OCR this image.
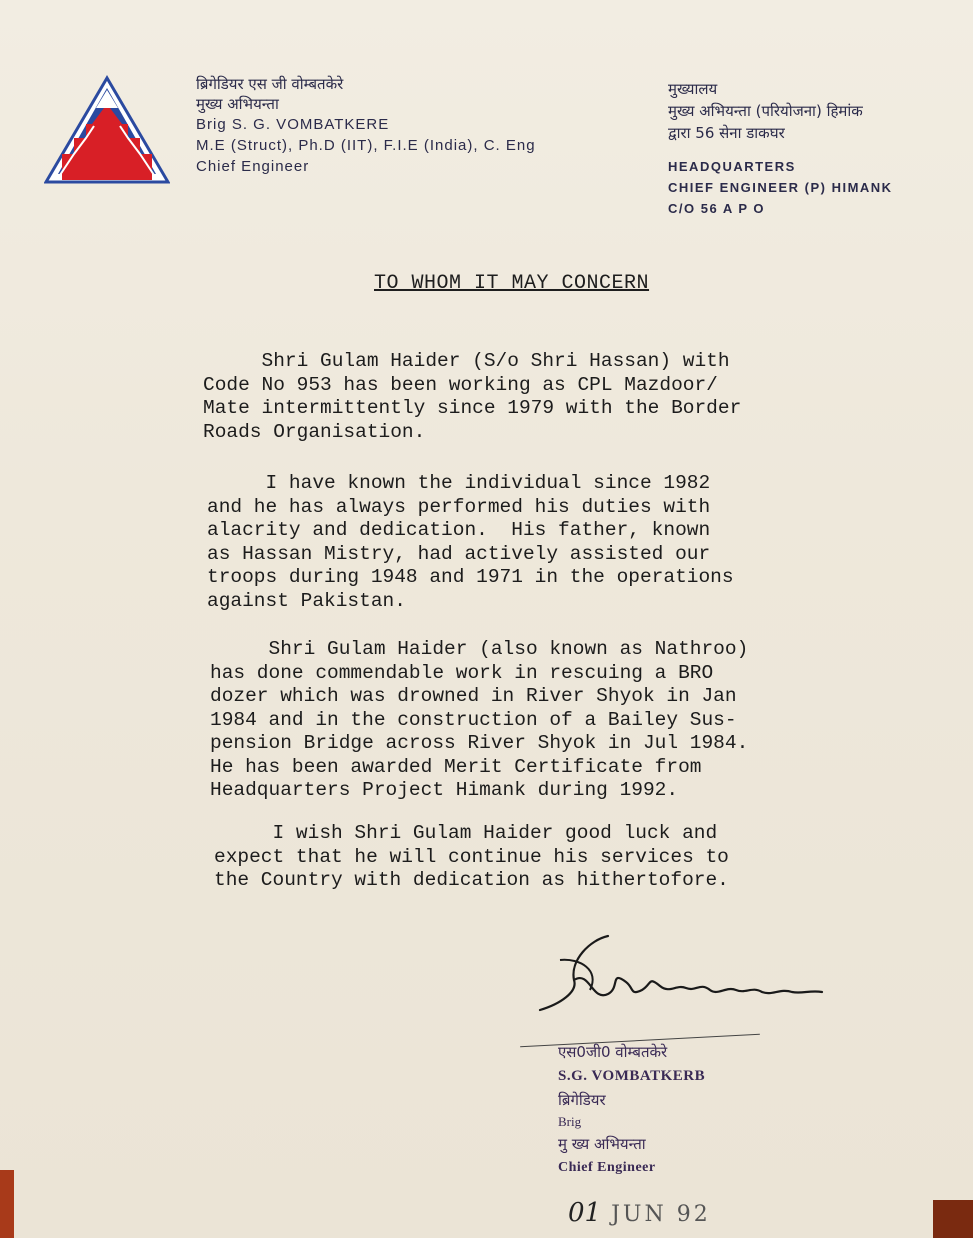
ब्रिगेडियर एस जी वोम्बतकेरे
मुख्य अभियन्ता
Brig S. G. VOMBATKERE
M.E (Struct), Ph.D (IIT), F.I.E (India), C. Eng
Chief Engineer
मुख्यालय
मुख्य अभियन्ता (परियोजना) हिमांक
द्वारा 56 सेना डाकघर
HEADQUARTERS
CHIEF ENGINEER (P) HIMANK
C/O 56 A P O
TO WHOM IT MAY CONCERN
Shri Gulam Haider (S/o Shri Hassan) with
Code No 953 has been working as CPL Mazdoor/
Mate intermittently since 1979 with the Border
Roads Organisation.
I have known the individual since 1982
and he has always performed his duties with
alacrity and dedication.  His father, known
as Hassan Mistry, had actively assisted our
troops during 1948 and 1971 in the operations
against Pakistan.
Shri Gulam Haider (also known as Nathroo)
has done commendable work in rescuing a BRO
dozer which was drowned in River Shyok in Jan
1984 and in the construction of a Bailey Sus-
pension Bridge across River Shyok in Jul 1984.
He has been awarded Merit Certificate from
Headquarters Project Himank during 1992.
I wish Shri Gulam Haider good luck and
expect that he will continue his services to
the Country with dedication as hithertofore.
एस0जी0 वोम्बतकेरे
S.G. VOMBATKERB
ब्रिगेडियर
Brig
मु ख्य अभियन्ता
Chief Engineer
01 JUN 92
